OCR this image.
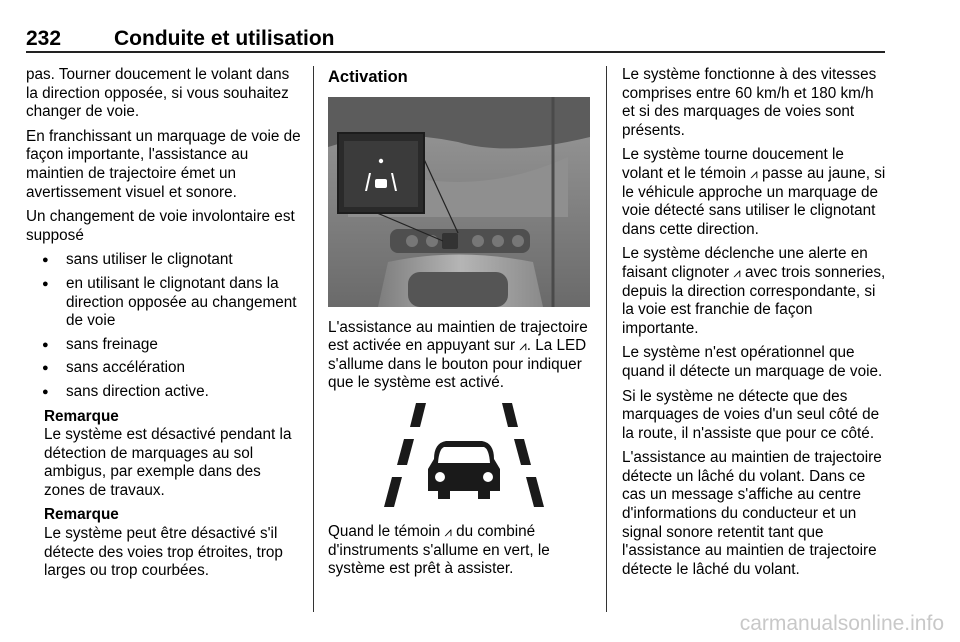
232	Conduite et utilisation

pas. Tourner doucement le volant dans la direction opposée, si vous souhaitez changer de voie.

En franchissant un marquage de voie de façon importante, l'assistance au maintien de trajectoire émet un avertissement visuel et sonore.

Un changement de voie involontaire est supposé

● sans utiliser le clignotant
● en utilisant le clignotant dans la direction opposée au changement de voie
● sans freinage
● sans accélération
● sans direction active.

Remarque

Le système est désactivé pendant la détection de marquages au sol ambigus, par exemple dans des zones de travaux.

Remarque

Le système peut être désactivé s'il détecte des voies trop étroites, trop larges ou trop courbées.

Activation

L'assistance au maintien de trajectoire est activée en appuyant sur ⩘. La LED s'allume dans le bouton pour indiquer que le système est activé.

Quand le témoin ⩘ du combiné d'instruments s'allume en vert, le système est prêt à assister.

Le système fonctionne à des vitesses comprises entre 60 km/h et 180 km/h et si des marquages de voies sont présents.

Le système tourne doucement le volant et le témoin ⩘ passe au jaune, si le véhicule approche un marquage de voie détecté sans utiliser le clignotant dans cette direction.

Le système déclenche une alerte en faisant clignoter ⩘ avec trois sonneries, depuis la direction correspondante, si la voie est franchie de façon importante.

Le système n'est opérationnel que quand il détecte un marquage de voie.

Si le système ne détecte que des marquages de voies d'un seul côté de la route, il n'assiste que pour ce côté.

L'assistance au maintien de trajectoire détecte un lâché du volant. Dans ce cas un message s'affiche au centre d'informations du conducteur et un signal sonore retentit tant que l'assistance au maintien de trajectoire détecte le lâché du volant.

carmanualsonline.info
